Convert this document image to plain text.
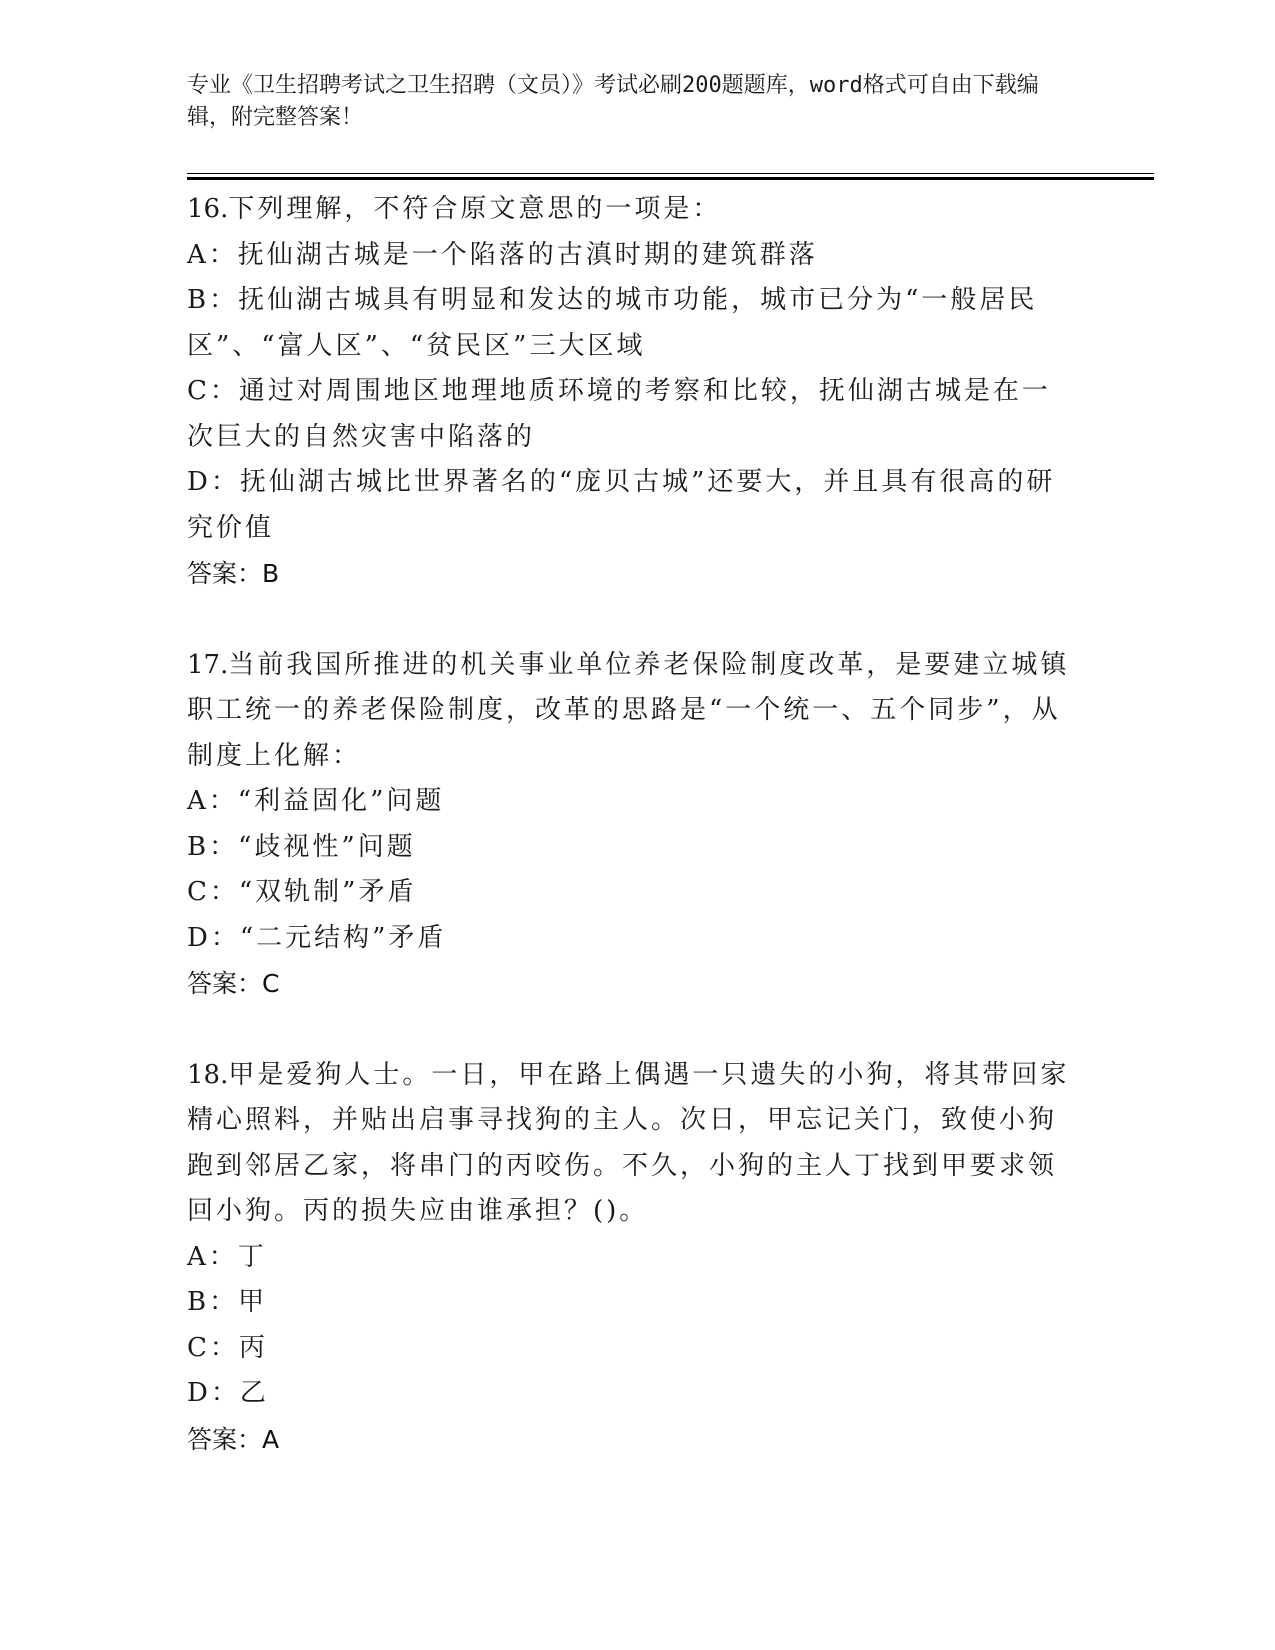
专业《卫生招聘考试之卫生招聘（文员）》考试必刷200题题库，word格式可自由下载编辑，附完整答案！
16.下列理解，不符合原文意思的一项是：
A：抚仙湖古城是一个陷落的古滇时期的建筑群落
B：抚仙湖古城具有明显和发达的城市功能，城市已分为“一般居民区”、“富人区”、“贫民区”三大区域
C：通过对周围地区地理地质环境的考察和比较，抚仙湖古城是在一次巨大的自然灾害中陷落的
D：抚仙湖古城比世界著名的“庞贝古城”还要大，并且具有很高的研究价值
答案：B
17.当前我国所推进的机关事业单位养老保险制度改革，是要建立城镇职工统一的养老保险制度，改革的思路是“一个统一、五个同步”，从制度上化解：
A：“利益固化”问题
B：“歧视性”问题
C：“双轨制”矛盾
D：“二元结构”矛盾
答案：C
18.甲是爱狗人士。一日，甲在路上偶遇一只遗失的小狗，将其带回家精心照料，并贴出启事寻找狗的主人。次日，甲忘记关门，致使小狗跑到邻居乙家，将串门的丙咬伤。不久，小狗的主人丁找到甲要求领回小狗。丙的损失应由谁承担？()。
A：丁
B：甲
C：丙
D：乙
答案：A
